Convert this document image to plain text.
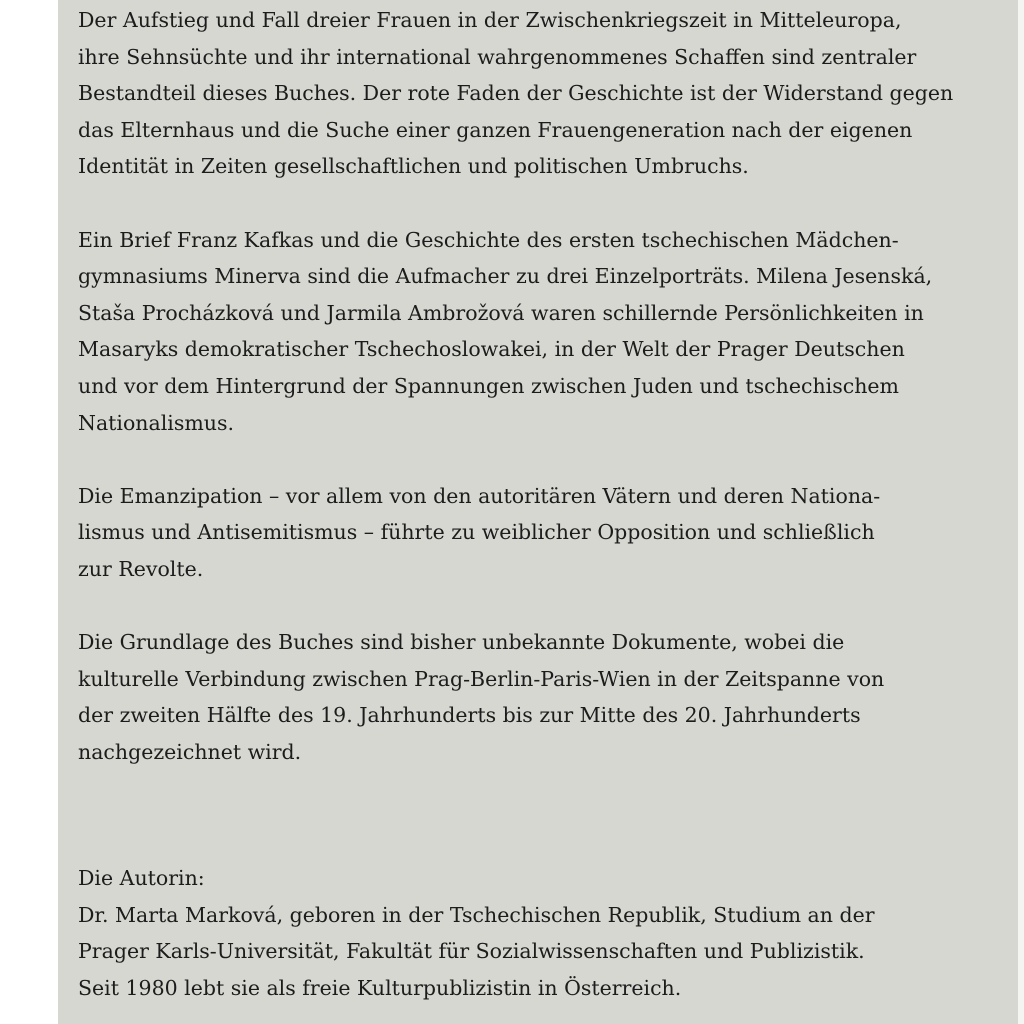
Der Aufstieg und Fall dreier Frauen in der Zwischenkriegszeit in Mitteleuropa,
ihre Sehnsüchte und ihr international wahrgenommenes Schaffen sind zentraler
Bestandteil dieses Buches. Der rote Faden der Geschichte ist der Widerstand gegen
das Elternhaus und die Suche einer ganzen Frauengeneration nach der eigenen
Identität in Zeiten gesellschaftlichen und politischen Umbruchs.

Ein Brief Franz Kafkas und die Geschichte des ersten tschechischen Mädchen-
gymnasiums Minerva sind die Aufmacher zu drei Einzelporträts. Milena Jesenská,
Staša Procházková und Jarmila Ambrožová waren schillernde Persönlichkeiten in
Masaryks demokratischer Tschechoslowakei, in der Welt der Prager Deutschen
und vor dem Hintergrund der Spannungen zwischen Juden und tschechischem
Nationalismus.

Die Emanzipation – vor allem von den autoritären Vätern und deren Nationa-
lismus und Antisemitismus – führte zu weiblicher Opposition und schließlich
zur Revolte.

Die Grundlage des Buches sind bisher unbekannte Dokumente, wobei die
kulturelle Verbindung zwischen Prag-Berlin-Paris-Wien in der Zeitspanne von
der zweiten Hälfte des 19. Jahrhunderts bis zur Mitte des 20. Jahrhunderts
nachgezeichnet wird.

Die Autorin:
Dr. Marta Marková, geboren in der Tschechischen Republik, Studium an der
Prager Karls-Universität, Fakultät für Sozialwissenschaften und Publizistik.
Seit 1980 lebt sie als freie Kulturpublizistin in Österreich.
